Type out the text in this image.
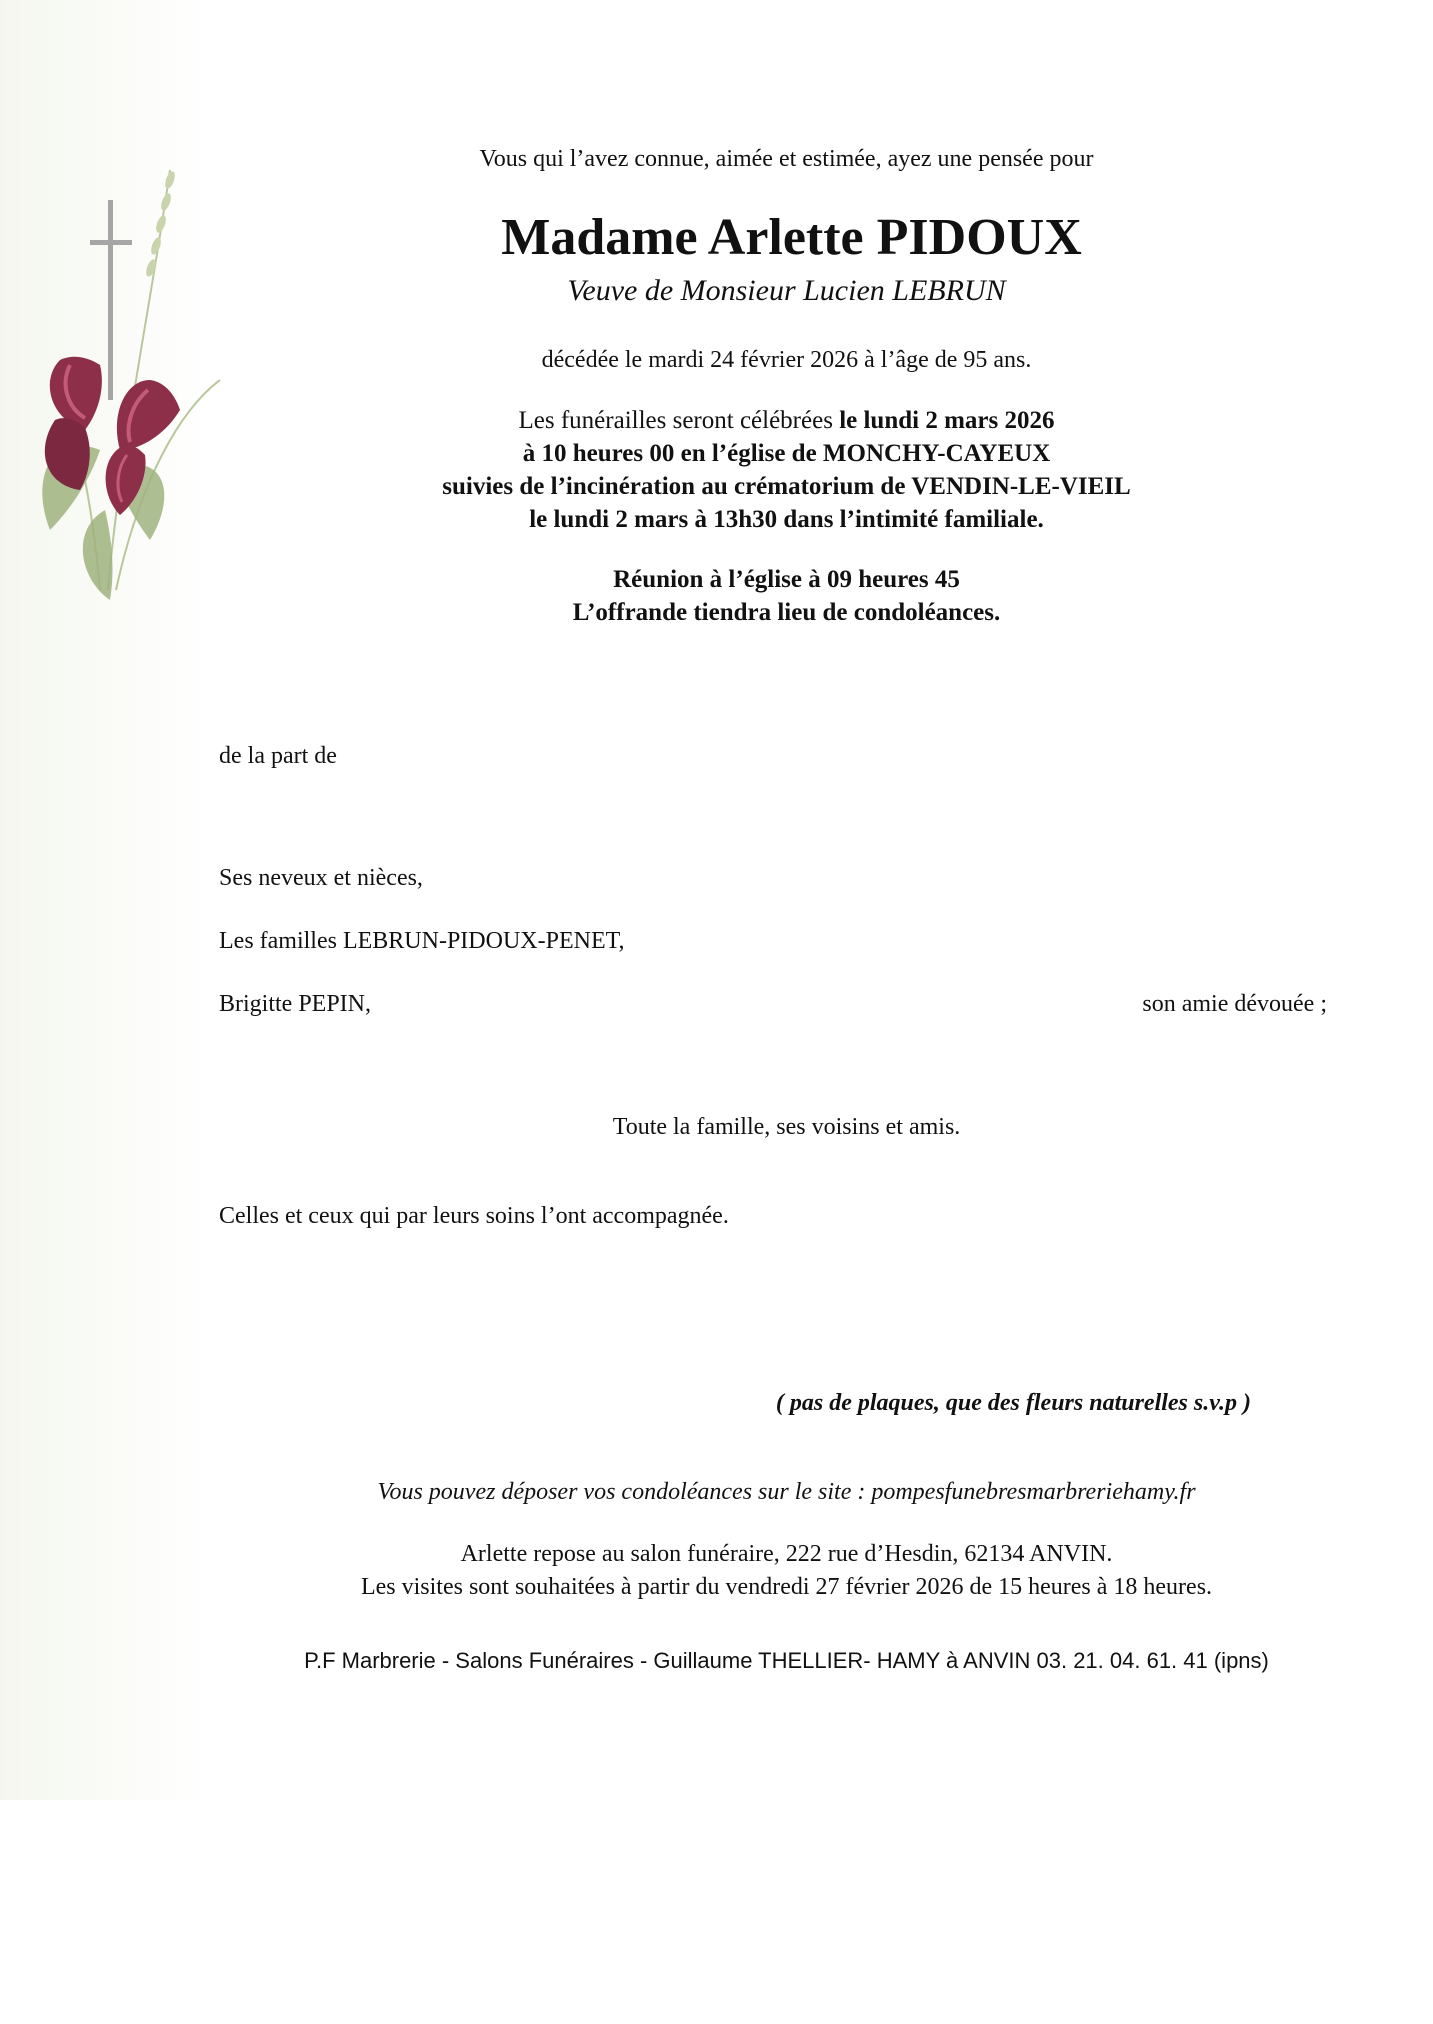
Vous qui l’avez connue, aimée et estimée, ayez une pensée pour
Madame Arlette PIDOUX
Veuve de Monsieur Lucien LEBRUN
décédée le mardi 24 février 2026 à l’âge de 95 ans.
Les funérailles seront célébrées le lundi 2 mars 2026
à 10 heures 00 en l’église de MONCHY-CAYEUX
suivies de l’incinération au crématorium de VENDIN-LE-VIEIL
le lundi 2 mars à 13h30 dans l’intimité familiale.
Réunion à l’église à 09 heures 45
L’offrande tiendra lieu de condoléances.
de la part de
Ses neveux et nièces,
Les familles LEBRUN-PIDOUX-PENET,
Brigitte PEPIN,	son amie dévouée ;
Toute la famille, ses voisins et amis.
Celles et ceux qui par leurs soins l’ont accompagnée.
( pas de plaques, que des fleurs naturelles s.v.p )
Vous pouvez déposer vos condoléances sur le site : pompesfunebresmarbreriehamy.fr
Arlette repose au salon funéraire, 222 rue d’Hesdin, 62134 ANVIN.
Les visites sont souhaitées à partir du vendredi 27 février 2026 de 15 heures à 18 heures.
P.F Marbrerie - Salons Funéraires - Guillaume THELLIER- HAMY à ANVIN 03. 21. 04. 61. 41 (ipns)
